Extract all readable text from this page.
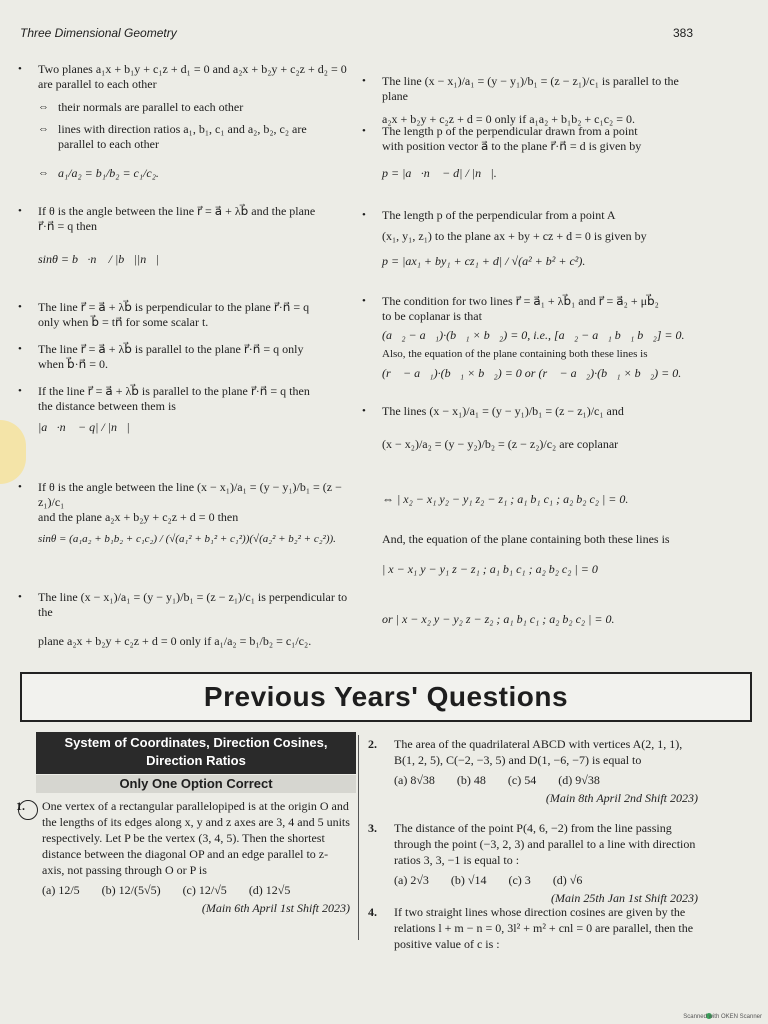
Three Dimensional Geometry	383
• Two planes a₁x + b₁y + c₁z + d₁ = 0 and a₂x + b₂y + c₂z + d₂ = 0
are parallel to each other
⇔ their normals are parallel to each other
⇔ lines with direction ratios a₁, b₁, c₁ and a₂, b₂, c₂ are
parallel to each other
⇔ a₁/a₂ = b₁/b₂ = c₁/c₂.
• If θ is the angle between the line r⃗ = a⃗ + λb⃗ and the plane
r⃗·n⃗ = q then
sinθ = b⃗·n⃗ / |b⃗||n⃗|
• The line r⃗ = a⃗ + λb⃗ is perpendicular to the plane r⃗·n⃗ = q
only when b⃗ = tn⃗ for some scalar t.
• The line r⃗ = a⃗ + λb⃗ is parallel to the plane r⃗·n⃗ = q only
when b⃗·n⃗ = 0.
• If the line r⃗ = a⃗ + λb⃗ is parallel to the plane r⃗·n⃗ = q then
the distance between them is
|a⃗·n⃗ − q| / |n⃗|
• If θ is the angle between the line (x − x₁)/a₁ = (y − y₁)/b₁ = (z − z₁)/c₁
and the plane a₂x + b₂y + c₂z + d = 0 then
sinθ = (a₁a₂ + b₁b₂ + c₁c₂) / (√(a₁² + b₁² + c₁²))(√(a₂² + b₂² + c₂²)).
• The line (x − x₁)/a₁ = (y − y₁)/b₁ = (z − z₁)/c₁ is perpendicular to the
plane a₂x + b₂y + c₂z + d = 0 only if a₁/a₂ = b₁/b₂ = c₁/c₂.
• The line (x − x₁)/a₁ = (y − y₁)/b₁ = (z − z₁)/c₁ is parallel to the plane
a₂x + b₂y + c₂z + d = 0 only if a₁a₂ + b₁b₂ + c₁c₂ = 0.
• The length p of the perpendicular drawn from a point
with position vector a⃗ to the plane r⃗·n⃗ = d is given by
p = |a⃗·n⃗ − d| / |n⃗|.
• The length p of the perpendicular from a point A
(x₁, y₁, z₁) to the plane ax + by + cz + d = 0 is given by
p = |ax₁ + by₁ + cz₁ + d| / √(a² + b² + c²).
• The condition for two lines r⃗ = a⃗₁ + λb⃗₁ and r⃗ = a⃗₂ + μb⃗₂
to be coplanar is that
(a⃗₂ − a⃗₁)·(b⃗₁ × b⃗₂) = 0, i.e., [a⃗₂ − a⃗₁ b⃗₁ b⃗₂] = 0.
Also, the equation of the plane containing both these lines is
(r⃗ − a⃗₁)·(b⃗₁ × b⃗₂) = 0 or (r⃗ − a⃗₂)·(b⃗₁ × b⃗₂) = 0.
• The lines (x − x₁)/a₁ = (y − y₁)/b₁ = (z − z₁)/c₁ and
(x − x₂)/a₂ = (y − y₂)/b₂ = (z − z₂)/c₂ are coplanar
⇔ | x₂ − x₁ y₂ − y₁ z₂ − z₁ ; a₁ b₁ c₁ ; a₂ b₂ c₂ | = 0.
And, the equation of the plane containing both these lines is
| x − x₁ y − y₁ z − z₁ ; a₁ b₁ c₁ ; a₂ b₂ c₂ | = 0
or | x − x₂ y − y₂ z − z₂ ; a₁ b₁ c₁ ; a₂ b₂ c₂ | = 0.
Previous Years' Questions
System of Coordinates, Direction Cosines, Direction Ratios
Only One Option Correct
1. One vertex of a rectangular parallelopiped is at the origin O and the lengths of its edges along x, y and z axes are 3, 4 and 5 units respectively. Let P be the vertex (3, 4, 5). Then the shortest distance between the diagonal OP and an edge parallel to z-axis, not passing through O or P is
(a) 12/5 (b) 12/(5√5) (c) 12/√5 (d) 12√5
(Main 6th April 1st Shift 2023)
2. The area of the quadrilateral ABCD with vertices A(2, 1, 1), B(1, 2, 5), C(−2, −3, 5) and D(1, −6, −7) is equal to
(a) 8√38 (b) 48 (c) 54 (d) 9√38
(Main 8th April 2nd Shift 2023)
3. The distance of the point P(4, 6, −2) from the line passing through the point (−3, 2, 3) and parallel to a line with direction ratios 3, 3, −1 is equal to :
(a) 2√3 (b) √14 (c) 3 (d) √6
(Main 25th Jan 1st Shift 2023)
4. If two straight lines whose direction cosines are given by the relations l + m − n = 0, 3l² + m² + cnl = 0 are parallel, then the positive value of c is :
Scanned with OKEN Scanner
